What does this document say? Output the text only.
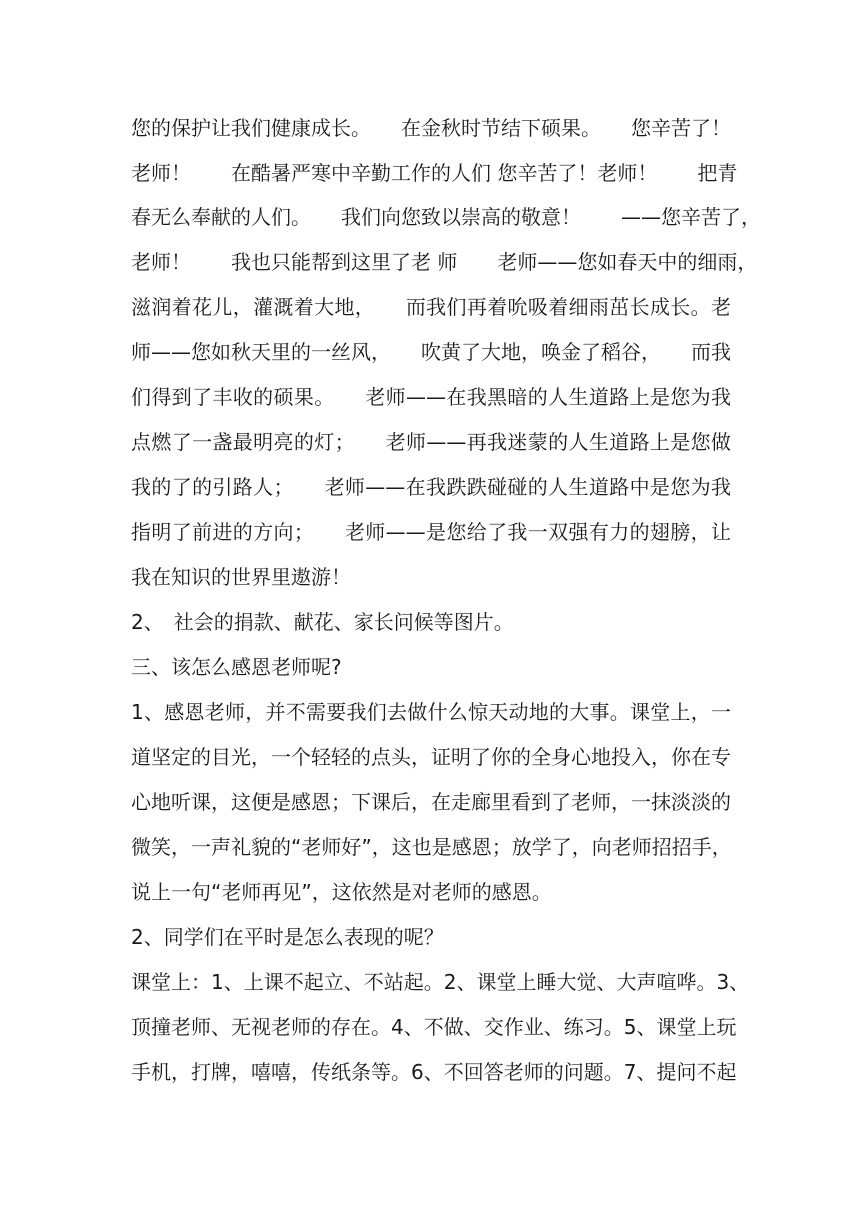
您的保护让我们健康成长。　　在金秋时节结下硕果。　　您辛苦了！
老师！　　在酷暑严寒中辛勤工作的人们 您辛苦了！老师！　　把青
春无么奉献的人们。　　我们向您致以崇高的敬意！　　——您辛苦了，
老师！　　我也只能帮到这里了老 师　　老师——您如春天中的细雨，
滋润着花儿，灌溉着大地，　　而我们再着吮吸着细雨茁长成长。老
师——您如秋天里的一丝风，　　吹黄了大地，唤金了稻谷，　　而我
们得到了丰收的硕果。　　老师——在我黑暗的人生道路上是您为我
点燃了一盏最明亮的灯；　　老师——再我迷蒙的人生道路上是您做
我的了的引路人；　　老师——在我跌跌碰碰的人生道路中是您为我
指明了前进的方向；　　老师——是您给了我一双强有力的翅膀，让
我在知识的世界里遨游！
2、　社会的捐款、献花、家长问候等图片。
三、该怎么感恩老师呢?
1、感恩老师，并不需要我们去做什么惊天动地的大事。课堂上，一
道坚定的目光，一个轻轻的点头，证明了你的全身心地投入，你在专
心地听课，这便是感恩；下课后，在走廊里看到了老师，一抹淡淡的
微笑，一声礼貌的“老师好”，这也是感恩；放学了，向老师招招手，
说上一句“老师再见”，这依然是对老师的感恩。
2、同学们在平时是怎么表现的呢？
课堂上：1、上课不起立、不站起。2、课堂上睡大觉、大声喧哗。3、
顶撞老师、无视老师的存在。4、不做、交作业、练习。5、课堂上玩
手机，打牌，嘻嘻，传纸条等。6、不回答老师的问题。7、提问不起
